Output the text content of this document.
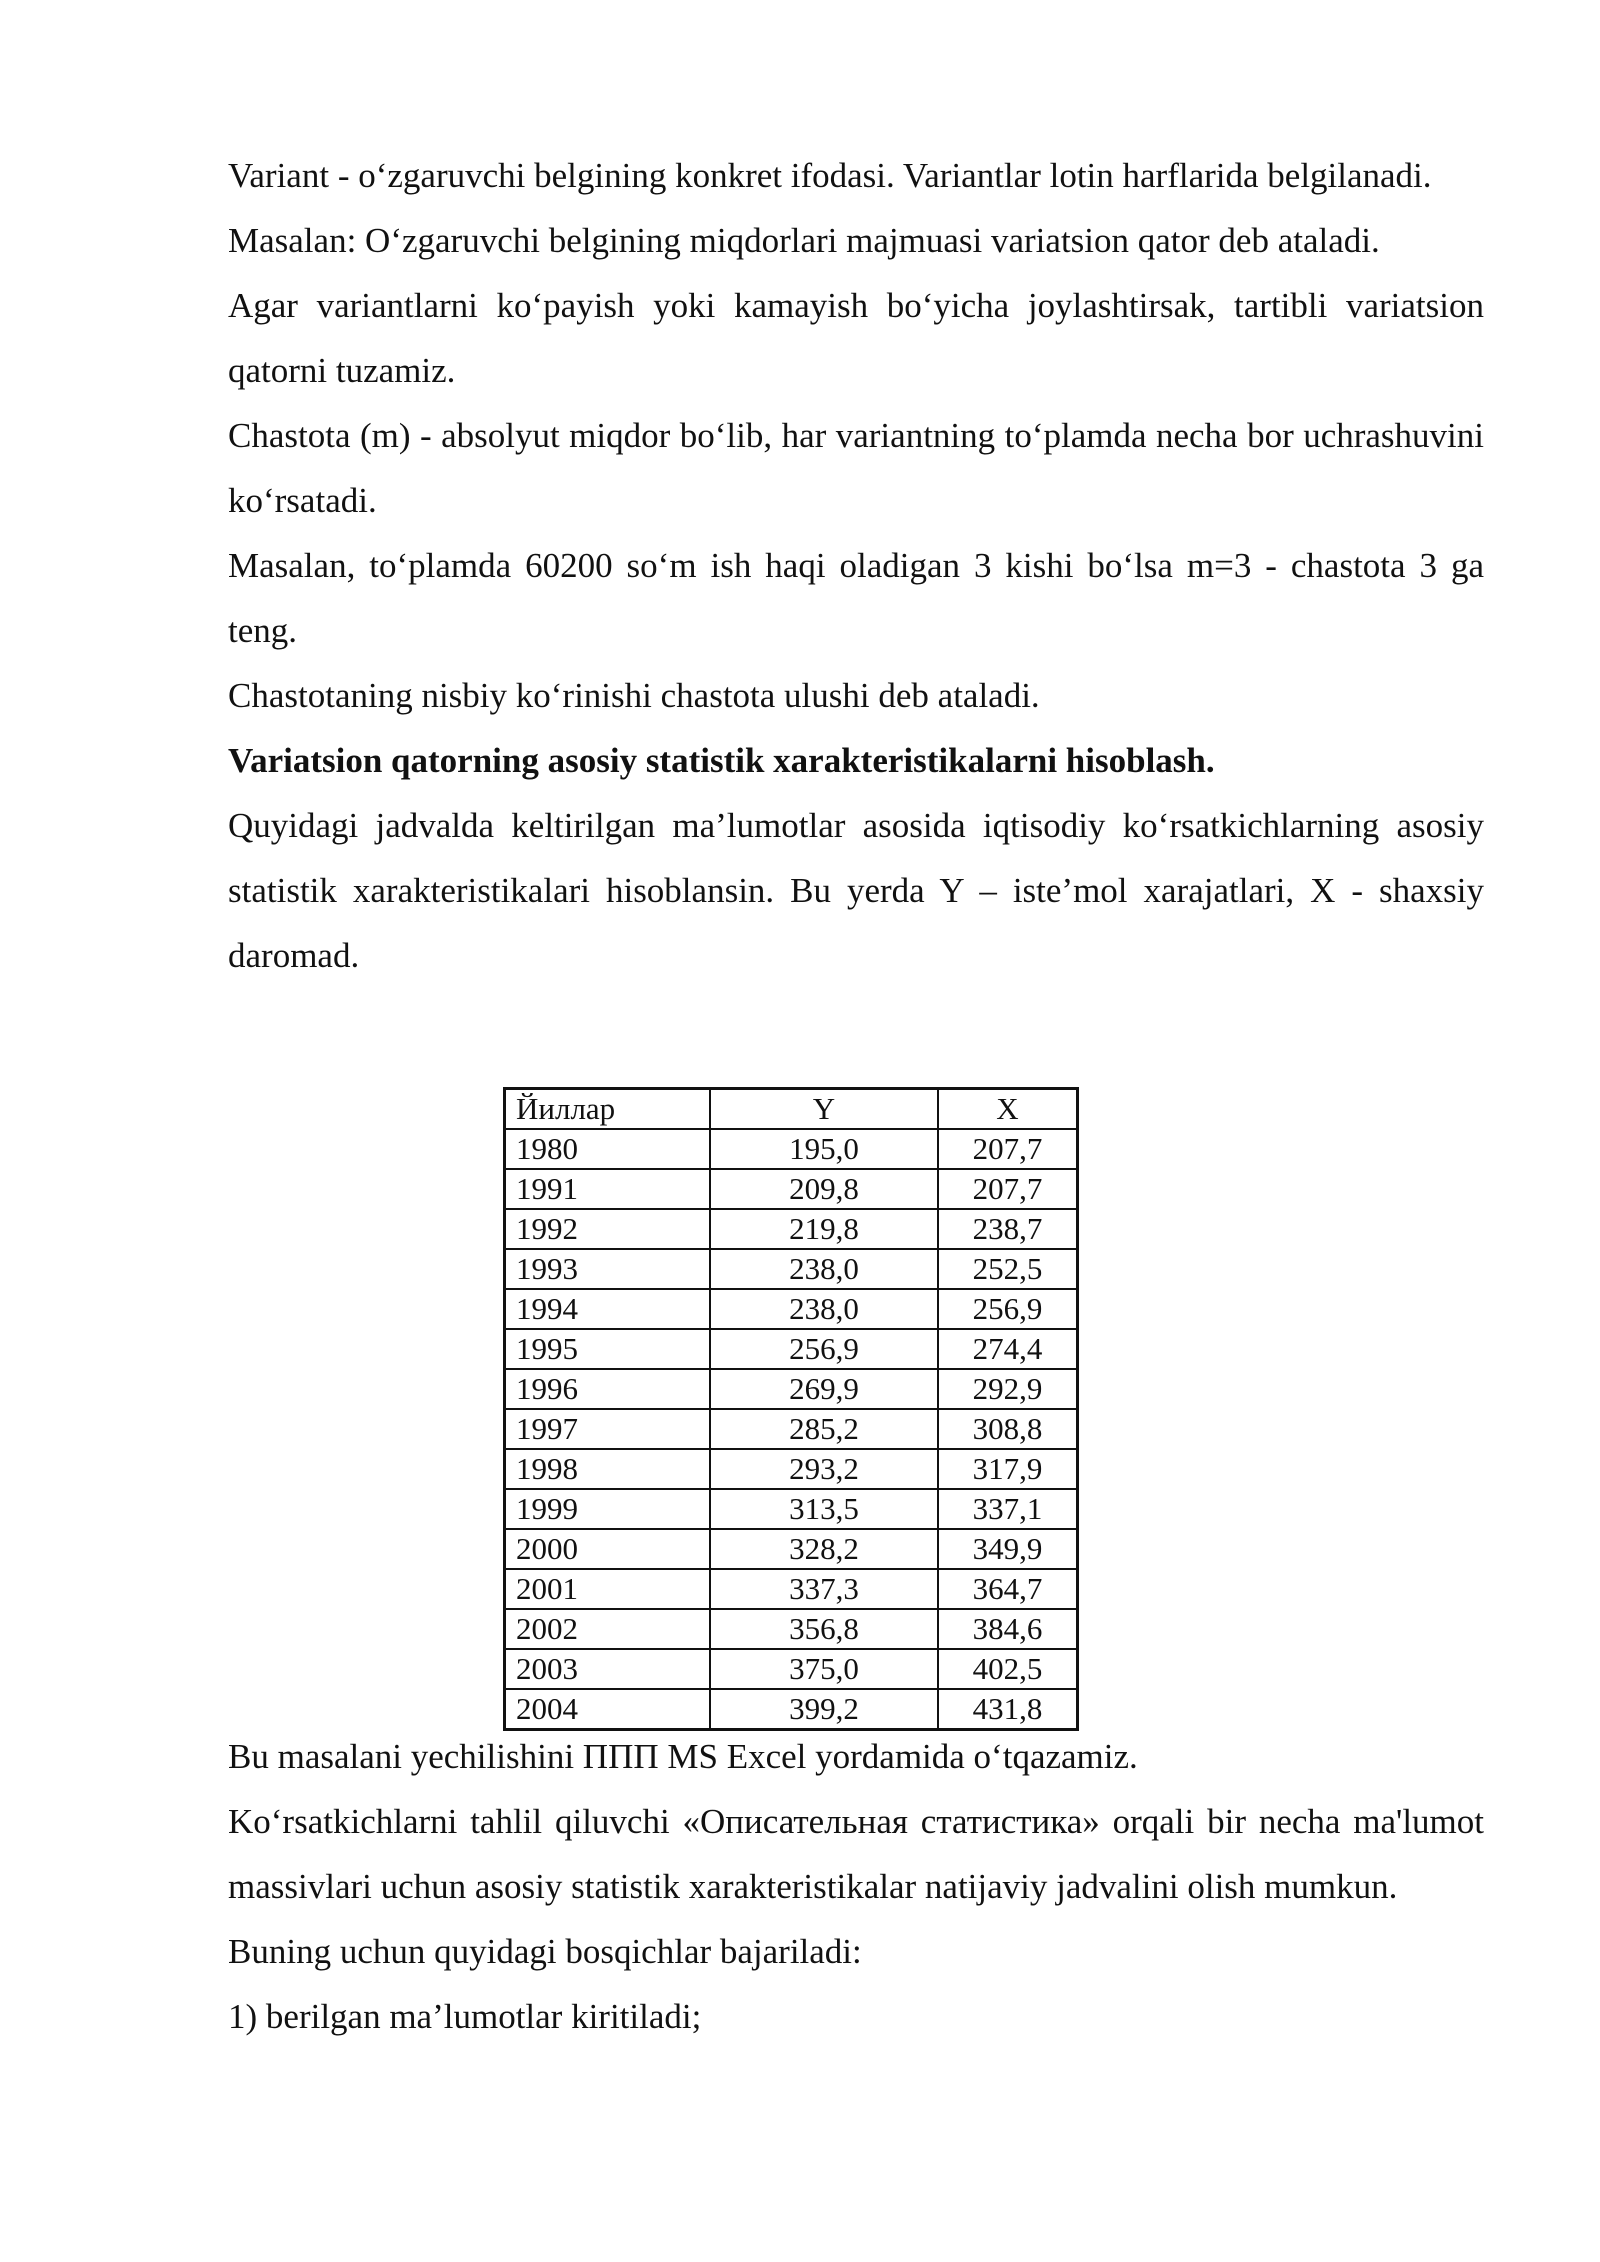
Variant - o‘zgaruvchi belgining konkret ifodasi. Variantlar lotin harflarida belgilanadi.

Masalan: O‘zgaruvchi belgining miqdorlari majmuasi variatsion qator deb ataladi.

Agar variantlarni ko‘payish yoki kamayish bo‘yicha joylashtirsak, tartibli variatsion qatorni tuzamiz.

Chastota (m) - absolyut miqdor bo‘lib, har variantning to‘plamda necha bor uchrashuvini ko‘rsatadi.

Masalan, to‘plamda 60200 so‘m ish haqi oladigan 3 kishi bo‘lsa m=3 - chastota 3 ga teng.

Chastotaning nisbiy ko‘rinishi chastota ulushi deb ataladi.

Variatsion qatorning asosiy statistik xarakteristikalarni hisoblash.

Quyidagi jadvalda keltirilgan ma’lumotlar asosida iqtisodiy ko‘rsatkichlarning asosiy statistik xarakteristikalari hisoblansin. Bu yerda Y – iste’mol xarajatlari, X - shaxsiy daromad.

Йиллар	Y	X
1980	195,0	207,7
1991	209,8	207,7
1992	219,8	238,7
1993	238,0	252,5
1994	238,0	256,9
1995	256,9	274,4
1996	269,9	292,9
1997	285,2	308,8
1998	293,2	317,9
1999	313,5	337,1
2000	328,2	349,9
2001	337,3	364,7
2002	356,8	384,6
2003	375,0	402,5
2004	399,2	431,8

Bu masalani yechilishini ППП MS Excel yordamida o‘tqazamiz.

Ko‘rsatkichlarni tahlil qiluvchi «Описательная статистика» orqali bir necha ma'lumot massivlari uchun asosiy statistik xarakteristikalar natijaviy jadvalini olish mumkun.

Buning uchun quyidagi bosqichlar bajariladi:

1) berilgan ma’lumotlar kiritiladi;
